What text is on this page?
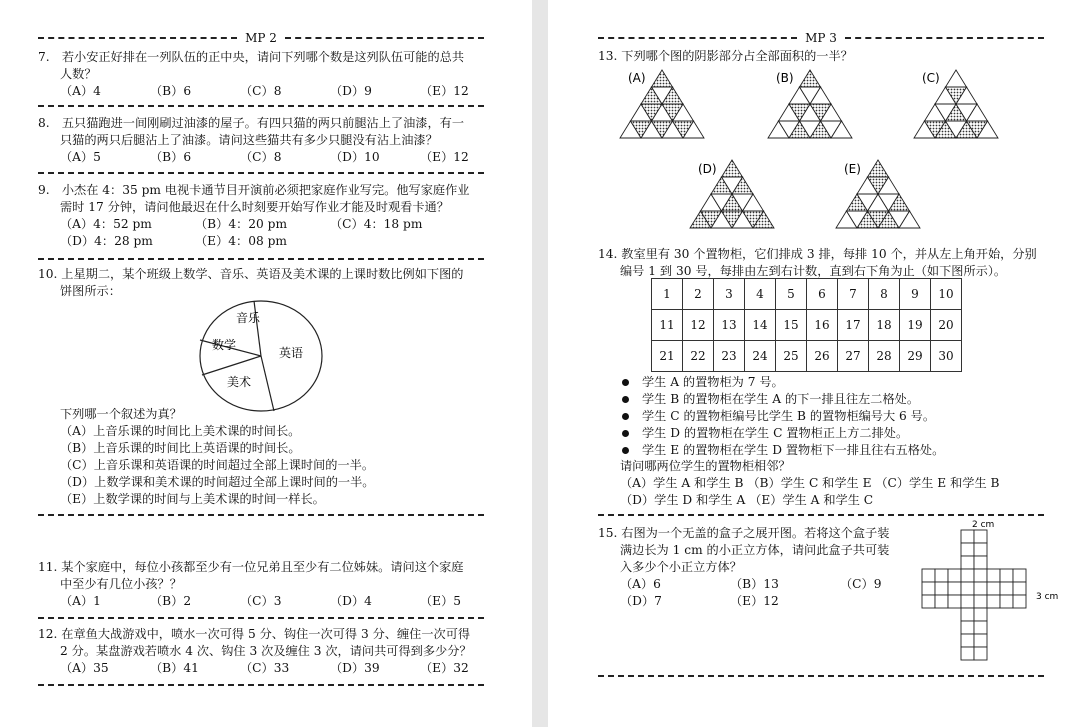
MP 2

7.　若小安正好排在一列队伍的正中央，请问下列哪个数是这列队伍可能的总共

人数？

（A）4	（B）6	（C）8	（D）9	（E）12

8.　五只猫跑进一间刚刷过油漆的屋子。有四只猫的两只前腿沾上了油漆，有一

只猫的两只后腿沾上了油漆。请问这些猫共有多少只腿没有沾上油漆？

（A）5	（B）6	（C）8	（D）10	（E）12

9.　小杰在 4：35 pm 电视卡通节目开演前必须把家庭作业写完。他写家庭作业

需时 17 分钟，请问他最迟在什么时刻要开始写作业才能及时观看卡通？

（A）4：52 pm	（B）4：20 pm	（C）4：18 pm
（D）4：28 pm	（E）4：08 pm

10. 上星期二，某个班级上数学、音乐、英语及美术课的上课时数比例如下图的

饼图所示：

音乐
数学
英语
美术

下列哪一个叙述为真？

（A）上音乐课的时间比上美术课的时间长。

（B）上音乐课的时间比上英语课的时间长。

（C）上音乐课和英语课的时间超过全部上课时间的一半。

（D）上数学课和美术课的时间超过全部上课时间的一半。

（E）上数学课的时间与上美术课的时间一样长。

11. 某个家庭中，每位小孩都至少有一位兄弟且至少有二位姊妹。请问这个家庭

中至少有几位小孩？？

（A）1	（B）2	（C）3	（D）4	（E）5

12. 在章鱼大战游戏中，喷水一次可得 5 分、钩住一次可得 3 分、缠住一次可得

2 分。某盘游戏若喷水 4 次、钩住 3 次及缠住 3 次，请问共可得到多少分？

（A）35	（B）41	（C）33	（D）39	（E）32
MP 3

13. 下列哪个图的阴影部分占全部面积的一半？

(A)	(B)	(C)
(D)	(E)

14. 教室里有 30 个置物柜，它们排成 3 排，每排 10 个，并从左上角开始，分别

编号 1 到 30 号，每排由左到右计数，直到右下角为止（如下图所示）。

1	2	3	4	5	6	7	8	9	10
11	12	13	14	15	16	17	18	19	20
21	22	23	24	25	26	27	28	29	30

学生 A 的置物柜为 7 号。

学生 B 的置物柜在学生 A 的下一排且往左二格处。

学生 C 的置物柜编号比学生 B 的置物柜编号大 6 号。

学生 D 的置物柜在学生 C 置物柜正上方二排处。

学生 E 的置物柜在学生 D 置物柜下一排且往右五格处。

请问哪两位学生的置物柜相邻？

（A）学生 A 和学生 B （B）学生 C 和学生 E （C）学生 E 和学生 B

（D）学生 D 和学生 A （E）学生 A 和学生 C

15. 右图为一个无盖的盒子之展开图。若将这个盒子装

满边长为 1 cm 的小正立方体，请问此盒子共可装

入多少个小正立方体？

（A）6	（B）13	（C）9
（D）7	（E）12
2 cm
3 cm
